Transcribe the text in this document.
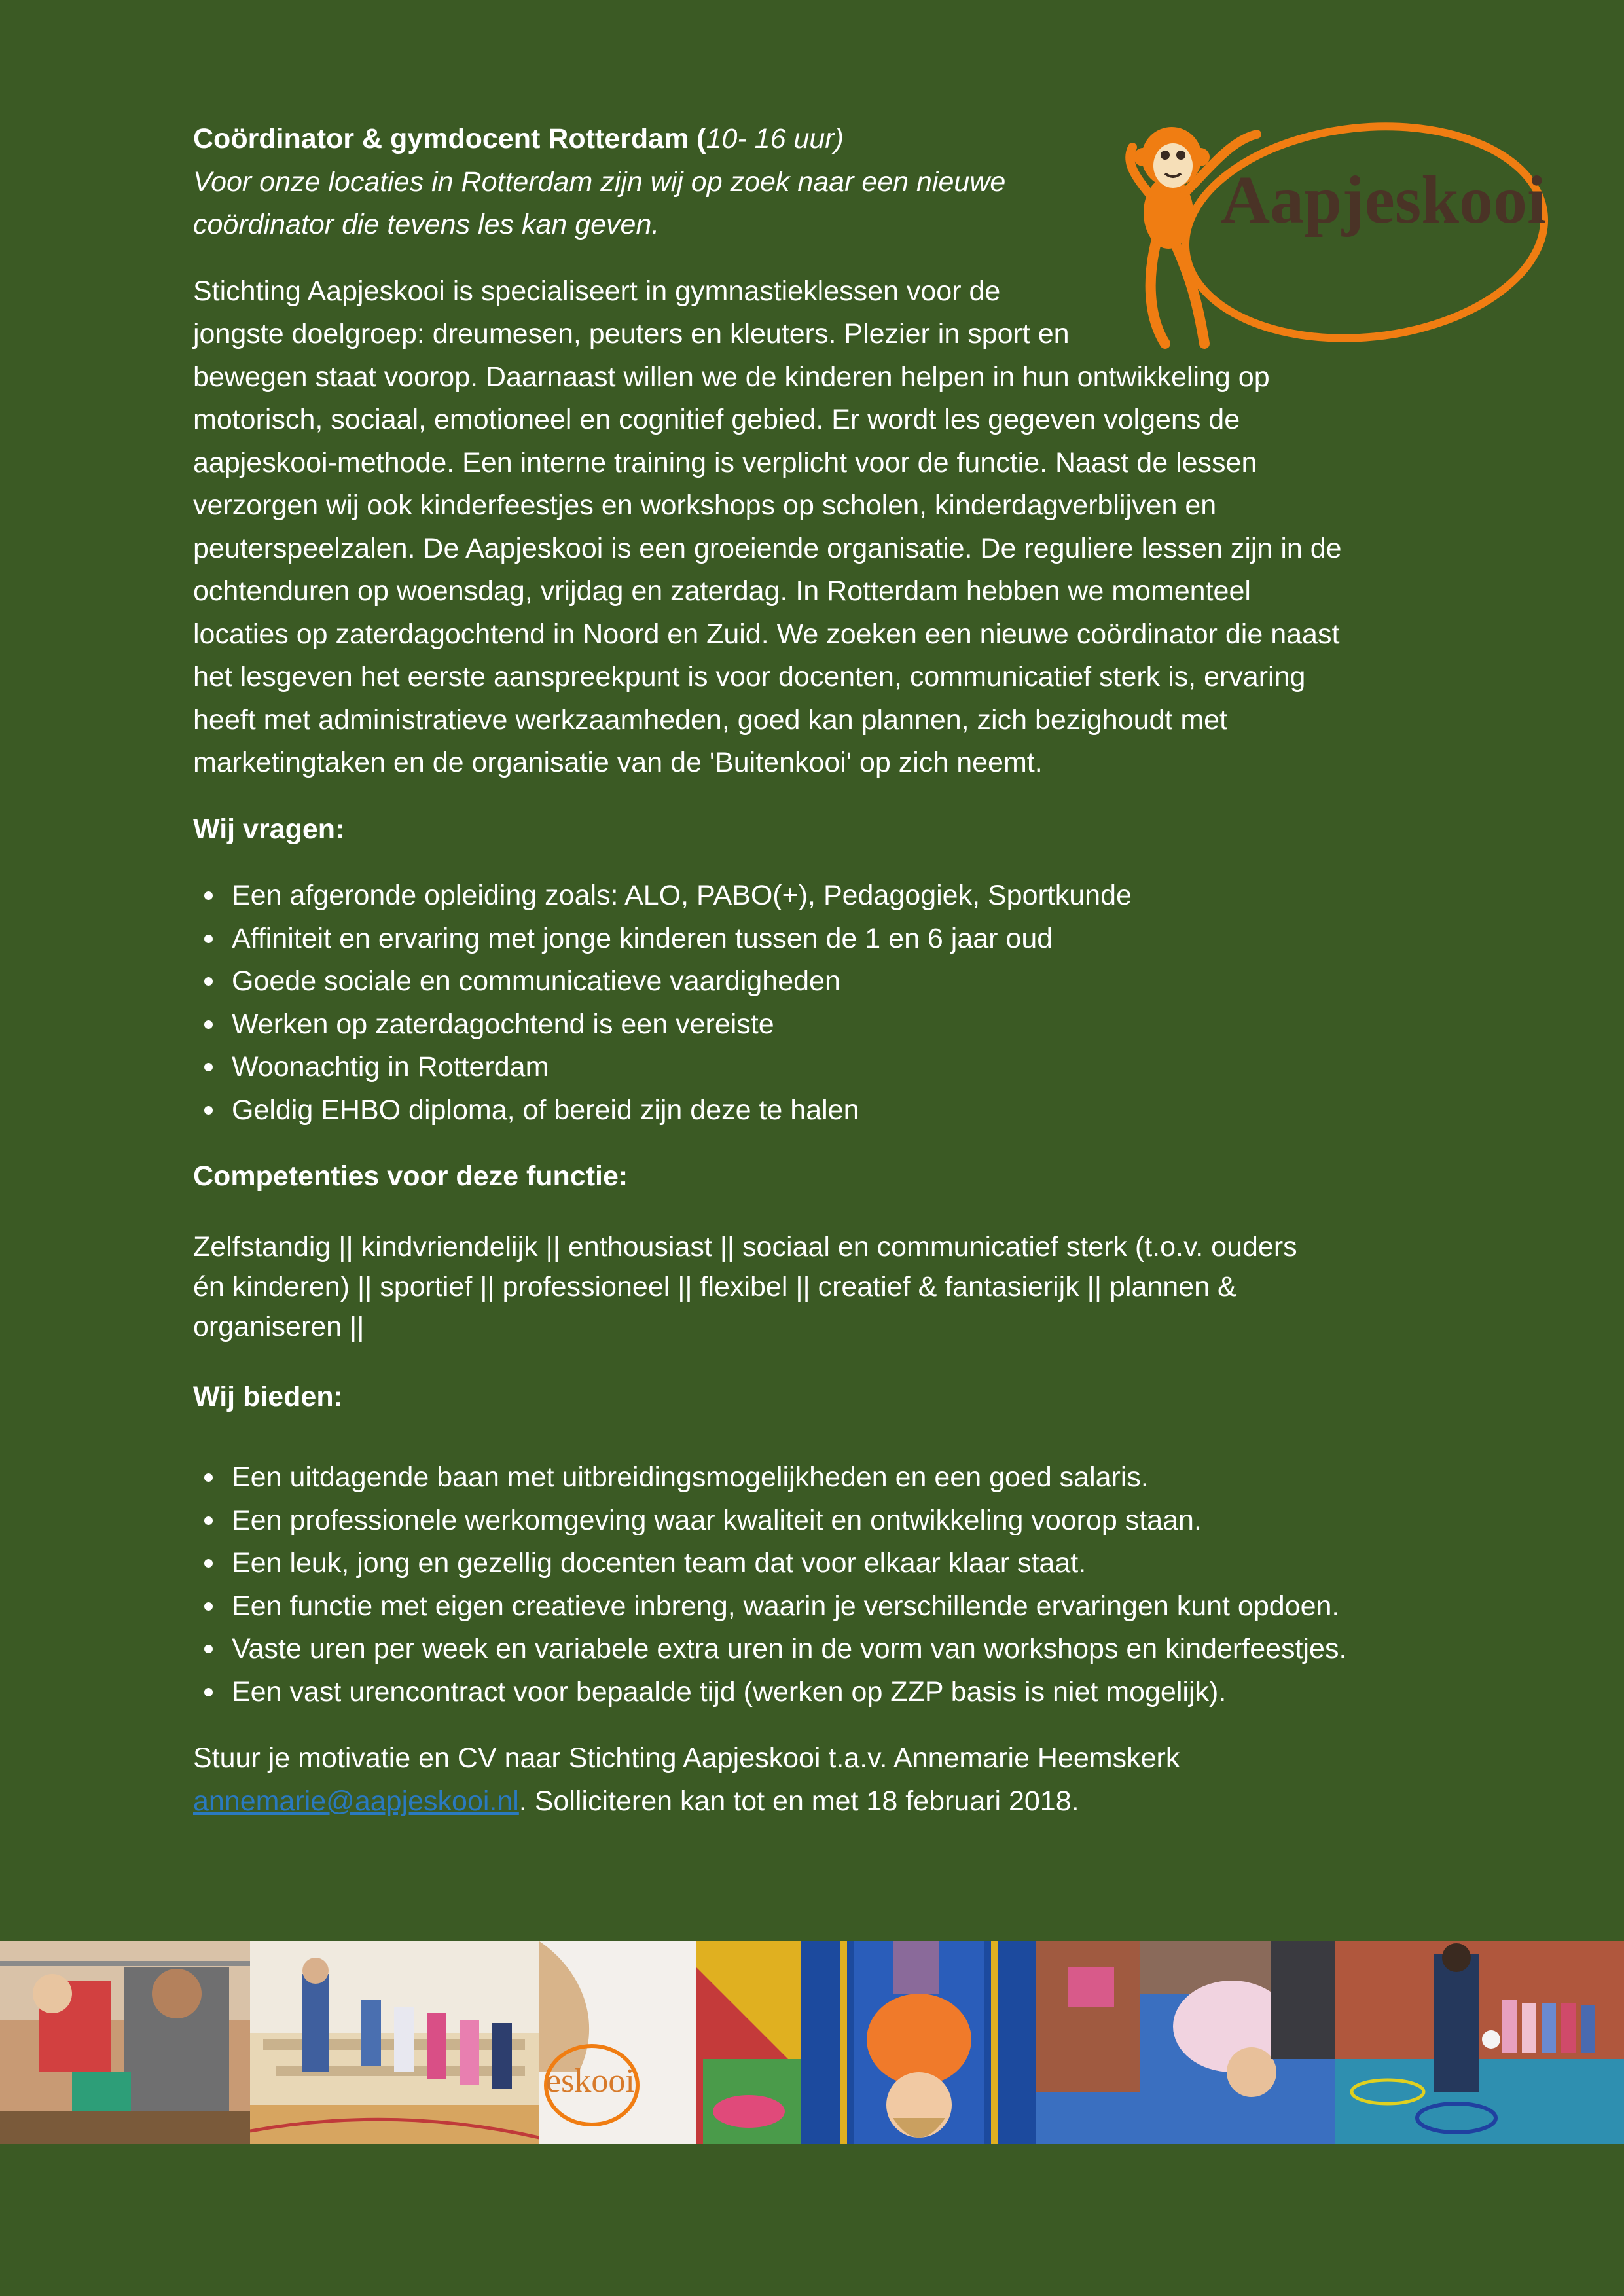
Aapjeskooi
Coördinator & gymdocent Rotterdam (10- 16 uur)
Voor onze locaties in Rotterdam zijn wij op zoek naar een nieuwe
coördinator die tevens les kan geven.
Stichting Aapjeskooi is specialiseert in gymnastieklessen voor de
jongste doelgroep: dreumesen, peuters en kleuters. Plezier in sport en
bewegen staat voorop. Daarnaast willen we de kinderen helpen in hun ontwikkeling op
motorisch, sociaal, emotioneel en cognitief gebied. Er wordt les gegeven volgens de
aapjeskooi-methode. Een interne training is verplicht voor de functie. Naast de lessen
verzorgen wij ook kinderfeestjes en workshops op scholen, kinderdagverblijven en
peuterspeelzalen. De Aapjeskooi is een groeiende organisatie. De reguliere lessen zijn in de
ochtenduren op woensdag, vrijdag en zaterdag. In Rotterdam hebben we momenteel
locaties op zaterdagochtend in Noord en Zuid. We zoeken een nieuwe coördinator die naast
het lesgeven het eerste aanspreekpunt is voor docenten, communicatief sterk is, ervaring
heeft met administratieve werkzaamheden, goed kan plannen, zich bezighoudt met
marketingtaken en de organisatie van de 'Buitenkooi' op zich neemt.
Wij vragen:
Een afgeronde opleiding zoals: ALO, PABO(+), Pedagogiek, Sportkunde
Affiniteit en ervaring met jonge kinderen tussen de 1 en 6 jaar oud
Goede sociale en communicatieve vaardigheden
Werken op zaterdagochtend is een vereiste
Woonachtig in Rotterdam
Geldig EHBO diploma, of bereid zijn deze te halen
Competenties voor deze functie:
Zelfstandig || kindvriendelijk || enthousiast || sociaal en communicatief sterk (t.o.v. ouders
én kinderen) || sportief || professioneel || flexibel || creatief & fantasierijk || plannen &
organiseren ||
Wij bieden:
Een uitdagende baan met uitbreidingsmogelijkheden en een goed salaris.
Een professionele werkomgeving waar kwaliteit en ontwikkeling voorop staan.
Een leuk, jong en gezellig docenten team dat voor elkaar klaar staat.
Een functie met eigen creatieve inbreng, waarin je verschillende ervaringen kunt opdoen.
Vaste uren per week en variabele extra uren in de vorm van workshops en kinderfeestjes.
Een vast urencontract voor bepaalde tijd (werken op ZZP basis is niet mogelijk).
Stuur je motivatie en CV naar Stichting Aapjeskooi t.a.v. Annemarie Heemskerk
annemarie@aapjeskooi.nl. Solliciteren kan tot en met 18 februari 2018.
eskooi
